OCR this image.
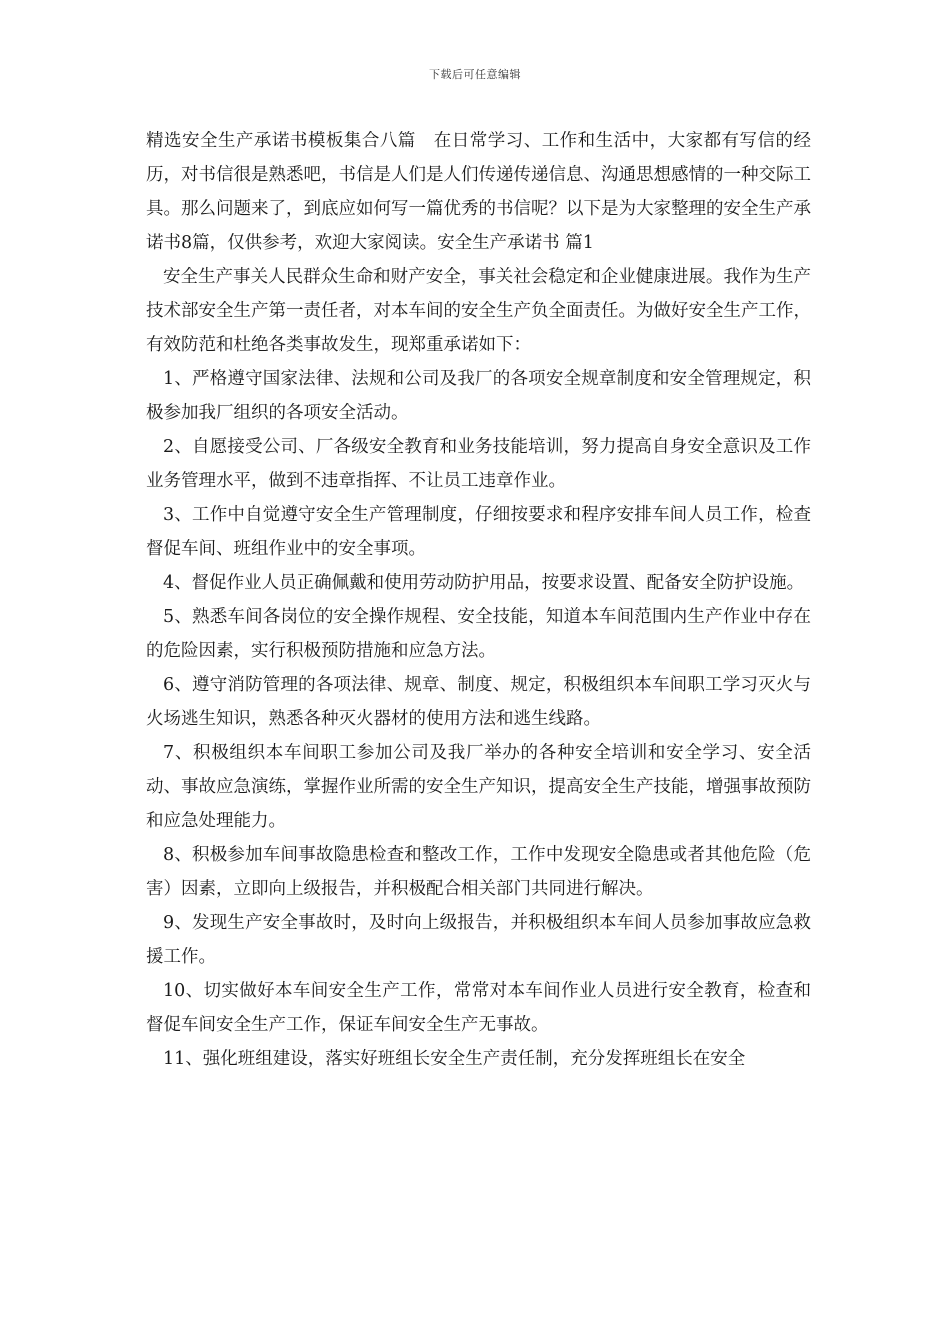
下载后可任意编辑

精选安全生产承诺书模板集合八篇　在日常学习、工作和生活中，大家都有写信的经历，对书信很是熟悉吧，书信是人们是人们传递传递信息、沟通思想感情的一种交际工具。那么问题来了，到底应如何写一篇优秀的书信呢？以下是为大家整理的安全生产承诺书8篇，仅供参考，欢迎大家阅读。安全生产承诺书 篇1

安全生产事关人民群众生命和财产安全，事关社会稳定和企业健康进展。我作为生产技术部安全生产第一责任者，对本车间的安全生产负全面责任。为做好安全生产工作，有效防范和杜绝各类事故发生，现郑重承诺如下：

1、严格遵守国家法律、法规和公司及我厂的各项安全规章制度和安全管理规定，积极参加我厂组织的各项安全活动。

2、自愿接受公司、厂各级安全教育和业务技能培训，努力提高自身安全意识及工作业务管理水平，做到不违章指挥、不让员工违章作业。

3、工作中自觉遵守安全生产管理制度，仔细按要求和程序安排车间人员工作，检查督促车间、班组作业中的安全事项。

4、督促作业人员正确佩戴和使用劳动防护用品，按要求设置、配备安全防护设施。

5、熟悉车间各岗位的安全操作规程、安全技能，知道本车间范围内生产作业中存在的危险因素，实行积极预防措施和应急方法。

6、遵守消防管理的各项法律、规章、制度、规定，积极组织本车间职工学习灭火与火场逃生知识，熟悉各种灭火器材的使用方法和逃生线路。

7、积极组织本车间职工参加公司及我厂举办的各种安全培训和安全学习、安全活动、事故应急演练，掌握作业所需的安全生产知识，提高安全生产技能，增强事故预防和应急处理能力。

8、积极参加车间事故隐患检查和整改工作，工作中发现安全隐患或者其他危险（危害）因素，立即向上级报告，并积极配合相关部门共同进行解决。

9、发现生产安全事故时，及时向上级报告，并积极组织本车间人员参加事故应急救援工作。

10、切实做好本车间安全生产工作，常常对本车间作业人员进行安全教育，检查和督促车间安全生产工作，保证车间安全生产无事故。

11、强化班组建设，落实好班组长安全生产责任制，充分发挥班组长在安全
